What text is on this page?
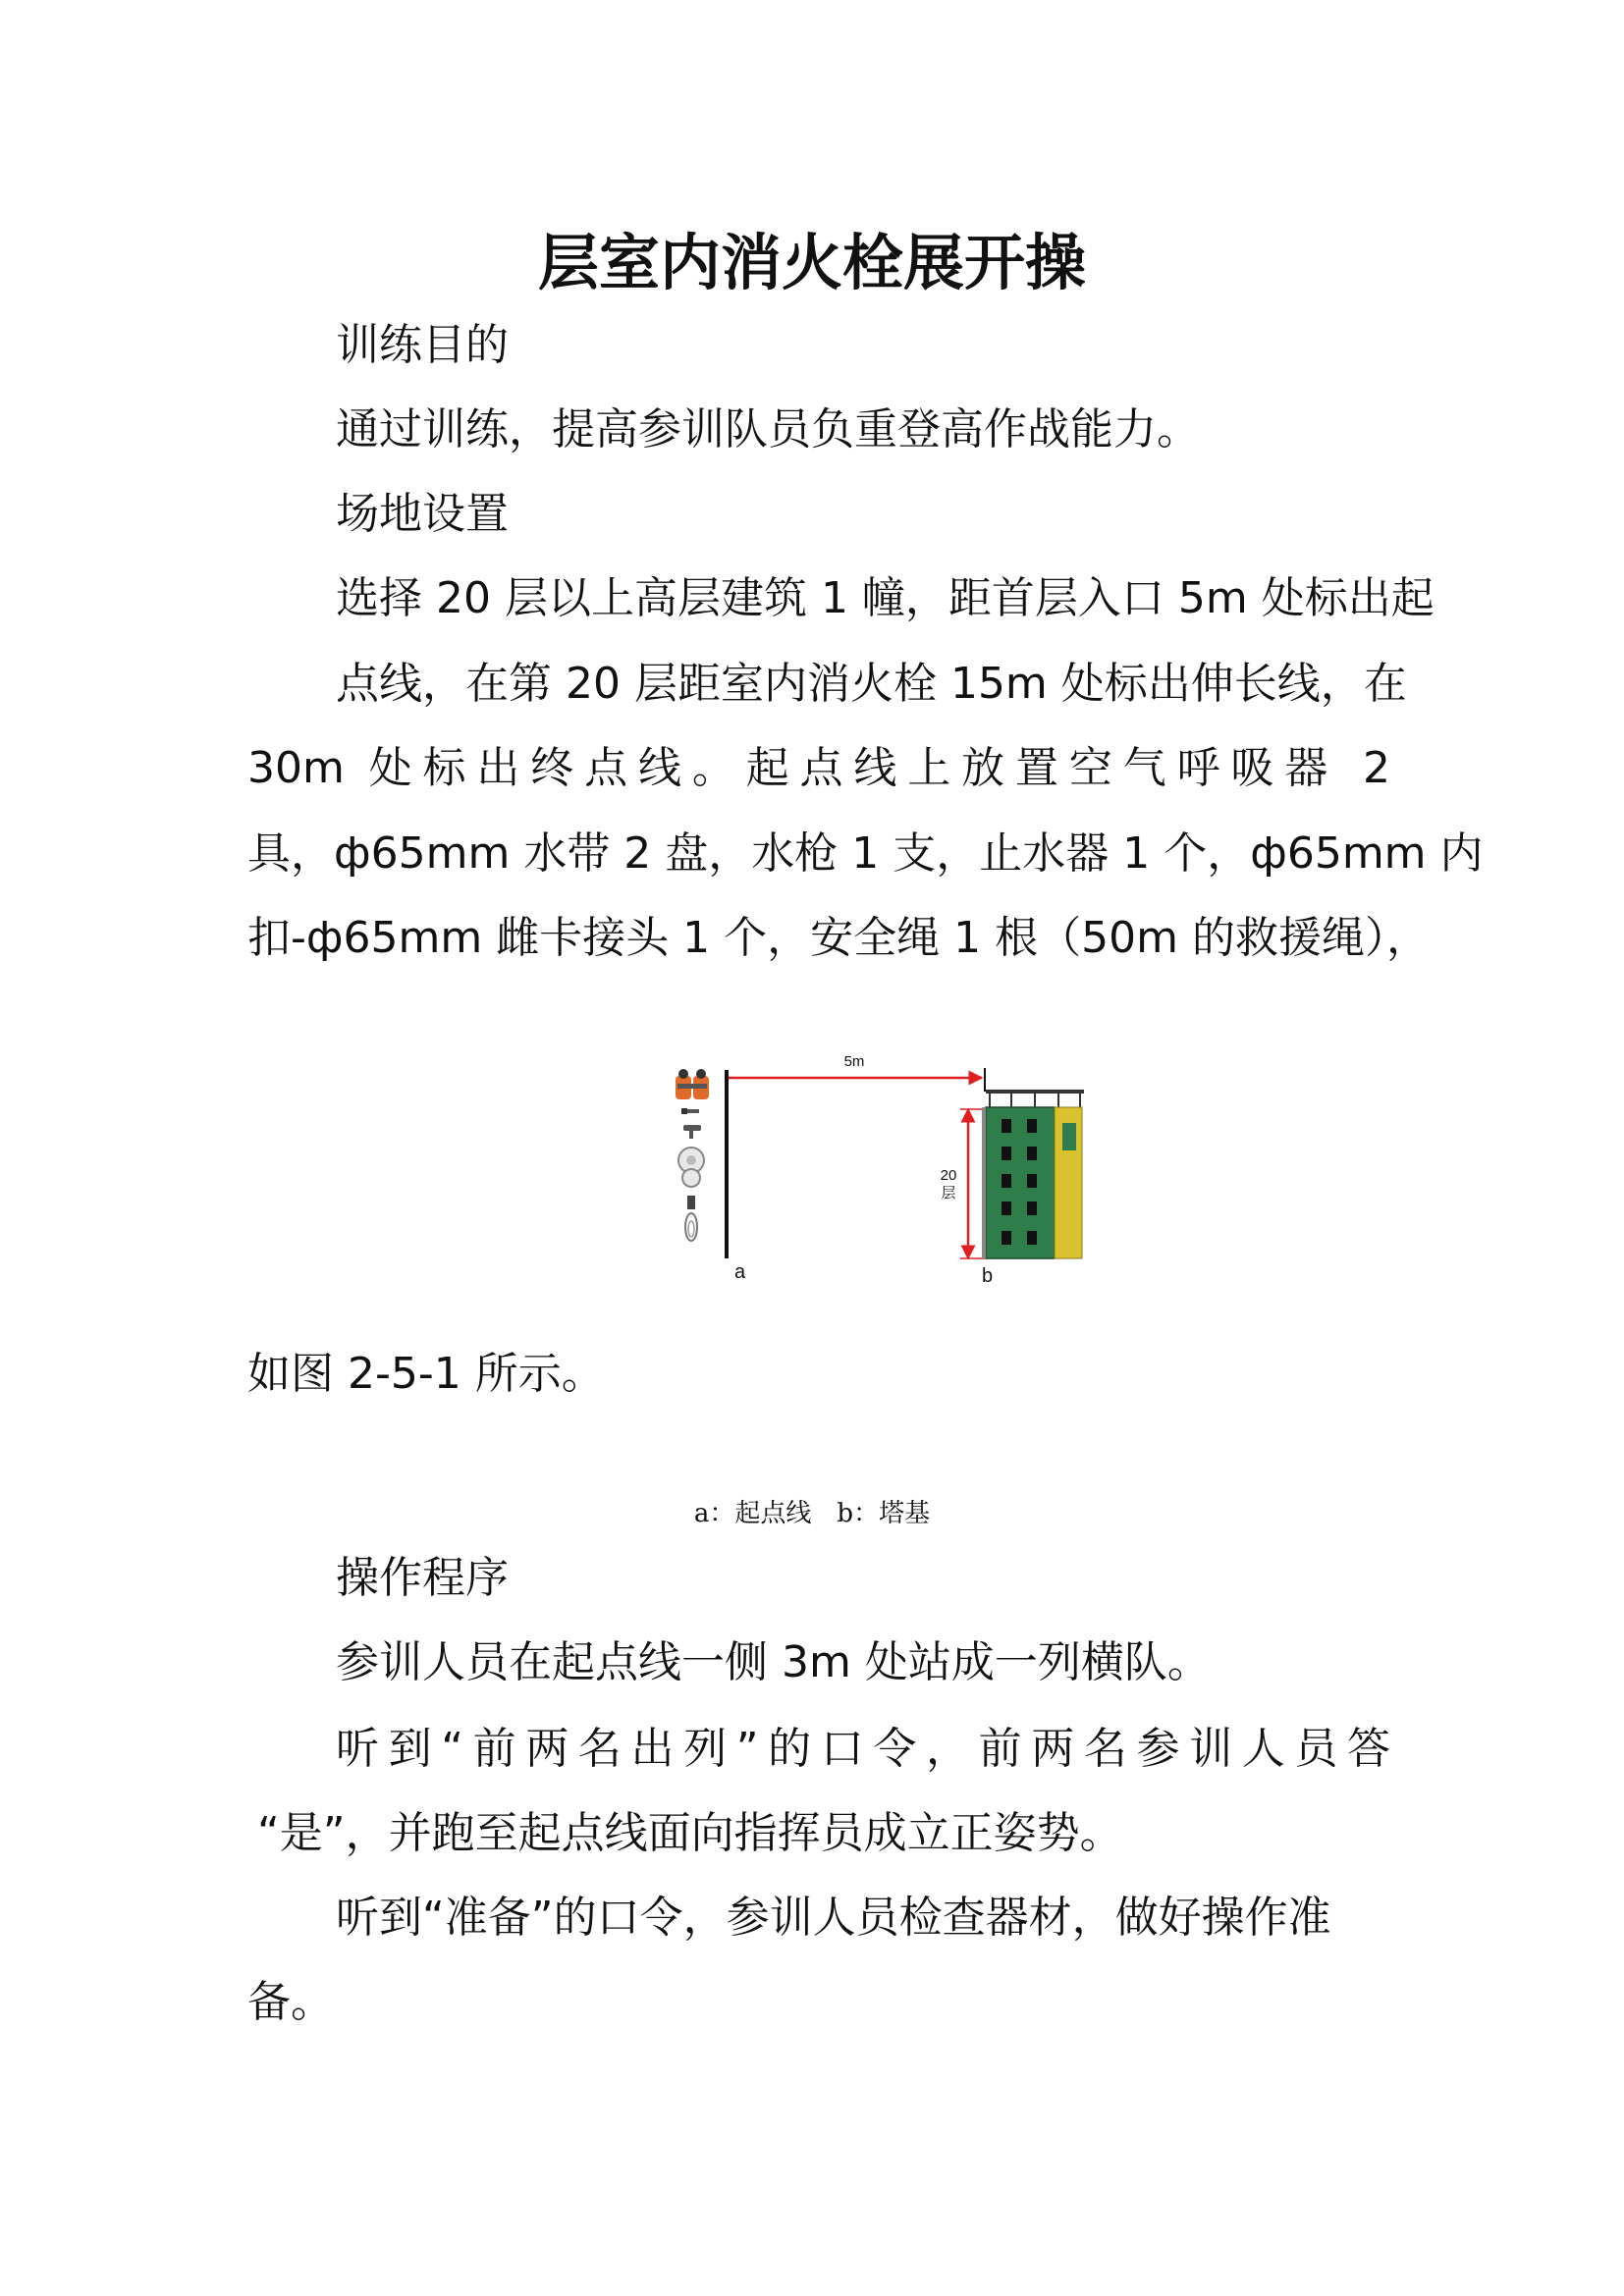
层室内消火栓展开操

训练目的

通过训练，提高参训队员负重登高作战能力。

场地设置

选择 20 层以上高层建筑 1 幢，距首层入口 5m 处标出起

点线，在第 20 层距室内消火栓 15m 处标出伸长线，在

30m 处标出终点线。起点线上放置空气呼吸器 2

具，ф65mm 水带 2 盘，水枪 1 支，止水器 1 个，ф65mm 内

扣-ф65mm 雌卡接头 1 个，安全绳 1 根（50m 的救援绳），

5m
20
层
a	b

如图 2-5-1 所示。

a：起点线　b：塔基

操作程序

参训人员在起点线一侧 3m 处站成一列横队。

听到“前两名出列”的口令，前两名参训人员答

“是”，并跑至起点线面向指挥员成立正姿势。

听到“准备”的口令，参训人员检查器材，做好操作准

备。
